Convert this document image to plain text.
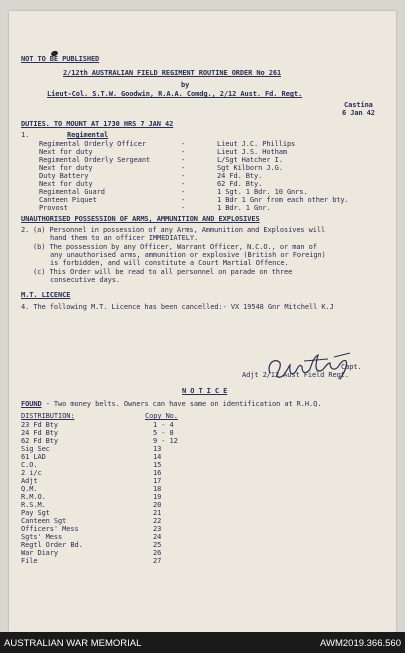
NOT TO BE PUBLISHED
2/12th AUSTRALIAN FIELD REGIMENT ROUTINE ORDER No 261
by
Lieut-Col. S.T.W. Goodwin, R.A.A. Comdg., 2/12 Aust. Fd. Regt.
Castina
6 Jan 42
DUTIES. TO MOUNT AT 1730 HRS 7 JAN 42
1.	Regimental
Regimental Orderly Officer	-	Lieut J.C. Phillips
Next for duty	-	Lieut J.S. Hotham
Regimental Orderly Sergeant	-	L/Sgt Hatcher I.
Next for duty	-	Sgt Kilborn J.G.
Duty Battery	-	24 Fd. Bty.
Next for duty	-	62 Fd. Bty.
Regimental Guard	-	1 Sgt. 1 Bdr. 10 Gnrs.
Canteen Piquet	-	1 Bdr 1 Gnr from each other bty.
Provost	-	1 Bdr. 1 Gnr.
UNAUTHORISED POSSESSION OF ARMS, AMMUNITION AND EXPLOSIVES
2. (a) Personnel in possession of any Arms, Ammunition and Explosives will
hand them to an officer IMMEDIATELY.
(b) The possession by any Officer, Warrant Officer, N.C.O., or man of
any unauthorised arms, ammunition or explosive (British or Foreign)
is forbidden, and will constitute a Court Martial Offence.
(c) This Order will be read to all personnel on parade on three
consecutive days.
M.T. LICENCE
4. The following M.T. Licence has been cancelled:- VX 19548 Gnr Mitchell K.J
Capt.
Adjt 2/12 Aust Field Regt.
N O T I C E
FOUND - Two money belts. Owners can have same on identification at R.H.Q.
DISTRIBUTION:	Copy No.
23 Fd Bty	1 - 4
24 Fd Bty	5 - 8
62 Fd Bty	9 - 12
Sig Sec	13
61 LAD	14
C.O.	15
2 i/c	16
Adjt	17
Q.M.	18
R.M.O.	19
R.S.M.	20
Pay Sgt	21
Canteen Sgt	22
Officers' Mess	23
Sgts' Mess	24
Regtl Order Bd.	25
War Diary	26
File	27
AUSTRALIAN WAR MEMORIAL	AWM2019.366.560
